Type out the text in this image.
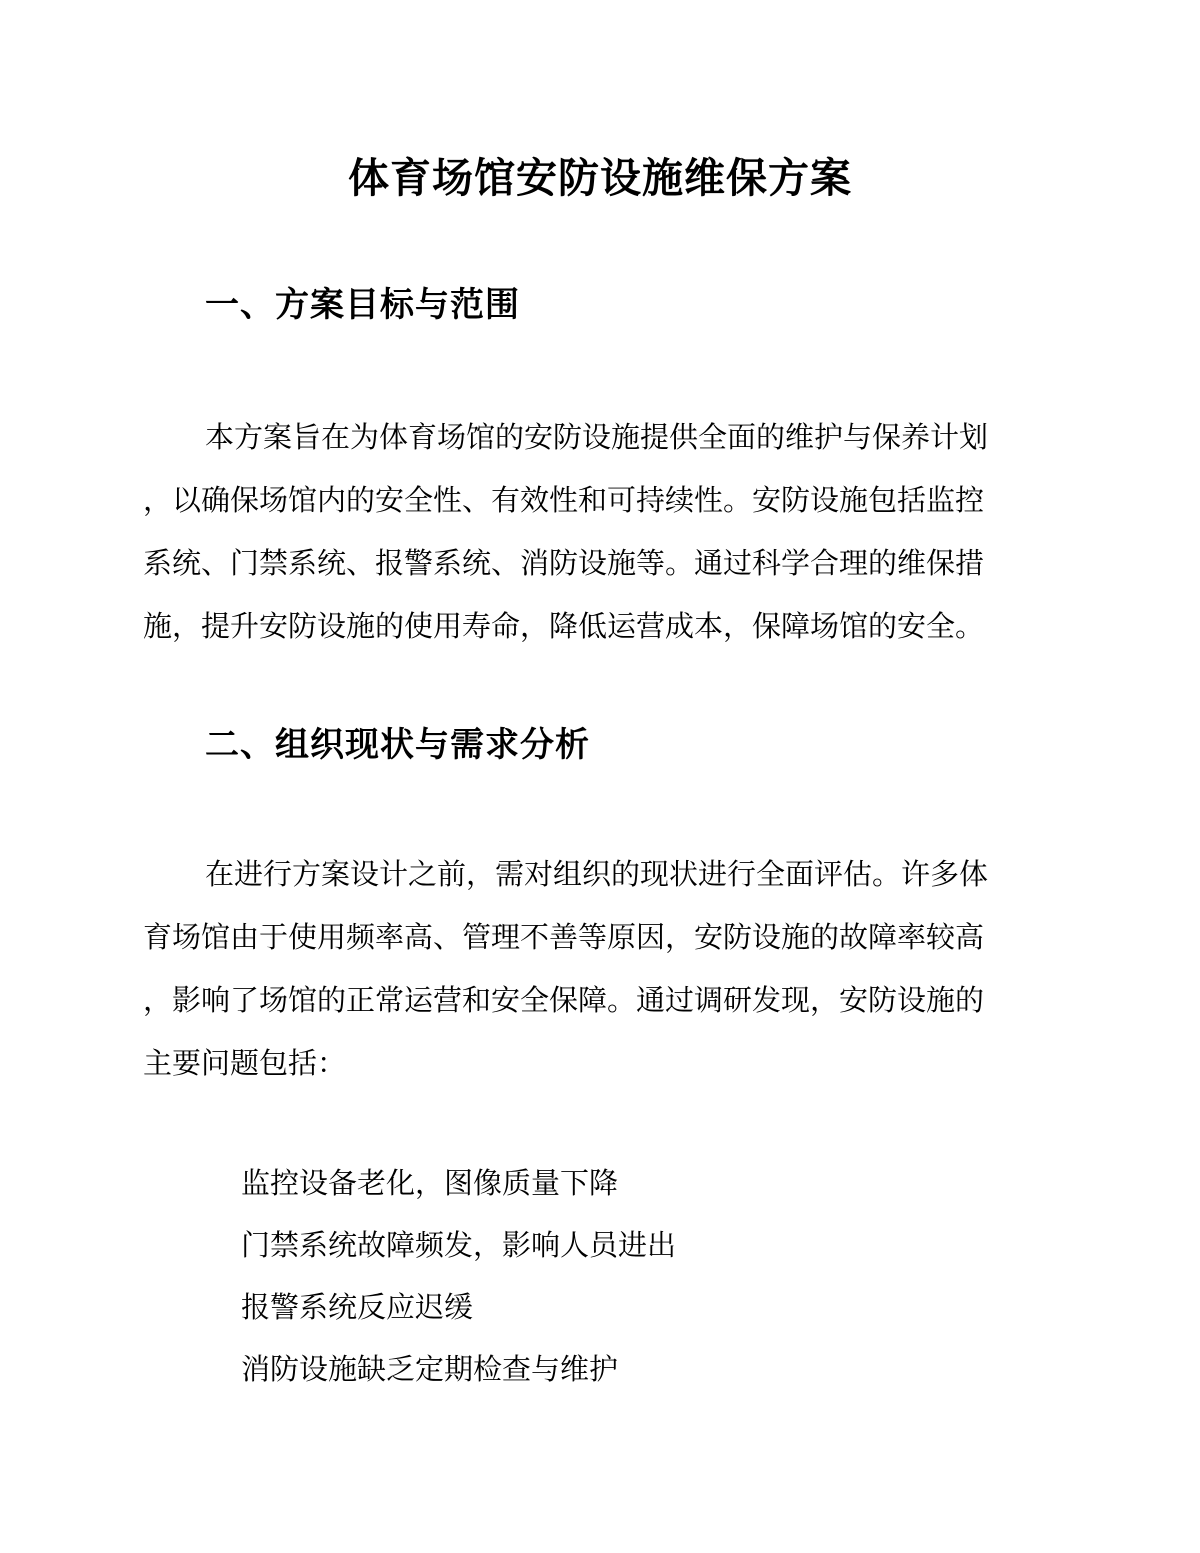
体育场馆安防设施维保方案
一、方案目标与范围
本方案旨在为体育场馆的安防设施提供全面的维护与保养计划
，以确保场馆内的安全性、有效性和可持续性。安防设施包括监控
系统、门禁系统、报警系统、消防设施等。通过科学合理的维保措
施，提升安防设施的使用寿命，降低运营成本，保障场馆的安全。
二、组织现状与需求分析
在进行方案设计之前，需对组织的现状进行全面评估。许多体
育场馆由于使用频率高、管理不善等原因，安防设施的故障率较高
，影响了场馆的正常运营和安全保障。通过调研发现，安防设施的
主要问题包括：
监控设备老化，图像质量下降
门禁系统故障频发，影响人员进出
报警系统反应迟缓
消防设施缺乏定期检查与维护
